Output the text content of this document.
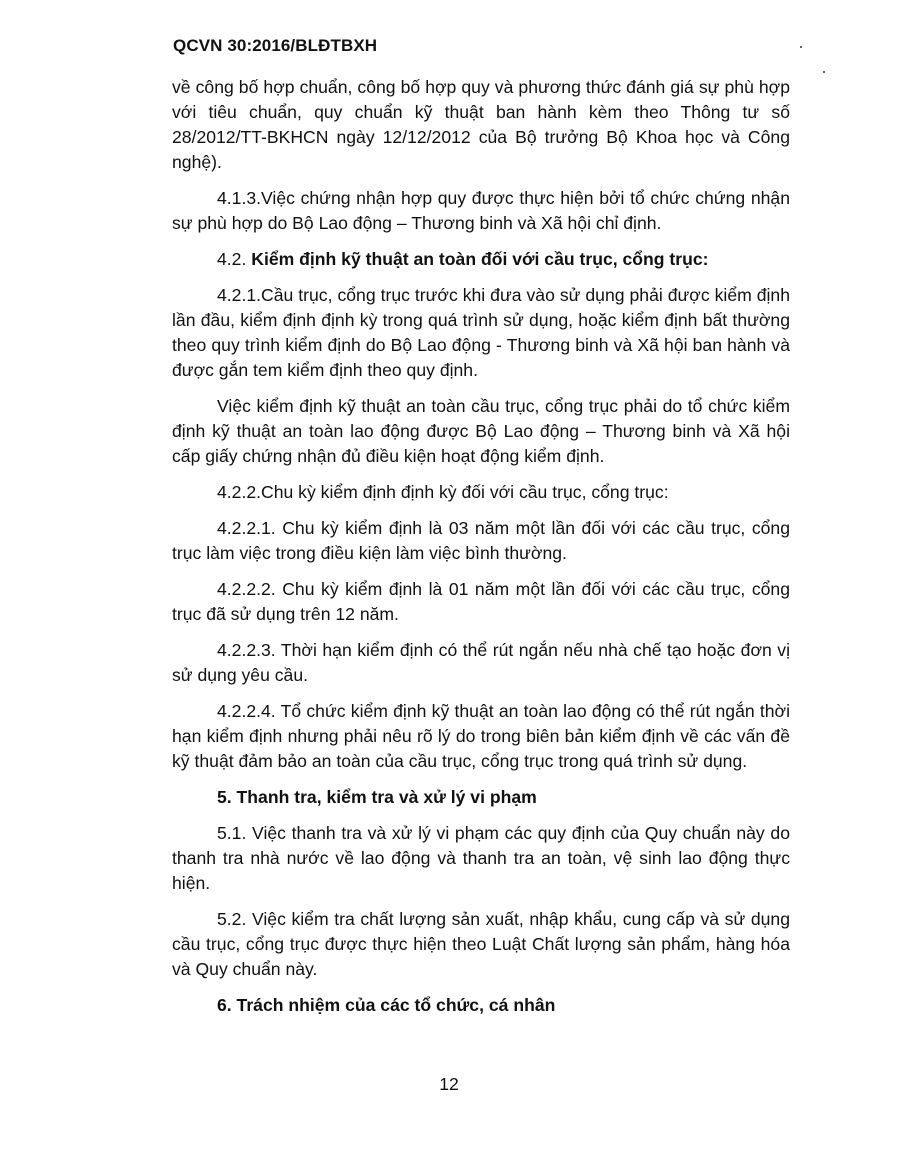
QCVN 30:2016/BLĐTBXH

về công bố hợp chuẩn, công bố hợp quy và phương thức đánh giá sự phù hợp với tiêu chuẩn, quy chuẩn kỹ thuật ban hành kèm theo Thông tư số 28/2012/TT-BKHCN ngày 12/12/2012 của Bộ trưởng Bộ Khoa học và Công nghệ).

4.1.3.Việc chứng nhận hợp quy được thực hiện bởi tổ chức chứng nhận sự phù hợp do Bộ Lao động – Thương binh và Xã hội chỉ định.

4.2. Kiểm định kỹ thuật an toàn đối với cầu trục, cổng trục:

4.2.1.Cầu trục, cổng trục trước khi đưa vào sử dụng phải được kiểm định lần đầu, kiểm định định kỳ trong quá trình sử dụng, hoặc kiểm định bất thường theo quy trình kiểm định do Bộ Lao động - Thương binh và Xã hội ban hành và được gắn tem kiểm định theo quy định.

Việc kiểm định kỹ thuật an toàn cầu trục, cổng trục phải do tổ chức kiểm định kỹ thuật an toàn lao động được Bộ Lao động – Thương binh và Xã hội cấp giấy chứng nhận đủ điều kiện hoạt động kiểm định.

4.2.2.Chu kỳ kiểm định định kỳ đối với cầu trục, cổng trục:

4.2.2.1. Chu kỳ kiểm định là 03 năm một lần đối với các cầu trục, cổng trục làm việc trong điều kiện làm việc bình thường.

4.2.2.2. Chu kỳ kiểm định là 01 năm một lần đối với các cầu trục, cổng trục đã sử dụng trên 12 năm.

4.2.2.3. Thời hạn kiểm định có thể rút ngắn nếu nhà chế tạo hoặc đơn vị sử dụng yêu cầu.

4.2.2.4. Tổ chức kiểm định kỹ thuật an toàn lao động có thể rút ngắn thời hạn kiểm định nhưng phải nêu rõ lý do trong biên bản kiểm định về các vấn đề kỹ thuật đảm bảo an toàn của cầu trục, cổng trục trong quá trình sử dụng.

5. Thanh tra, kiểm tra và xử lý vi phạm

5.1. Việc thanh tra và xử lý vi phạm các quy định của Quy chuẩn này do thanh tra nhà nước về lao động và thanh tra an toàn, vệ sinh lao động thực hiện.

5.2. Việc kiểm tra chất lượng sản xuất, nhập khẩu, cung cấp và sử dụng cầu trục, cổng trục được thực hiện theo Luật Chất lượng sản phẩm, hàng hóa và Quy chuẩn này.

6. Trách nhiệm của các tổ chức, cá nhân

12
